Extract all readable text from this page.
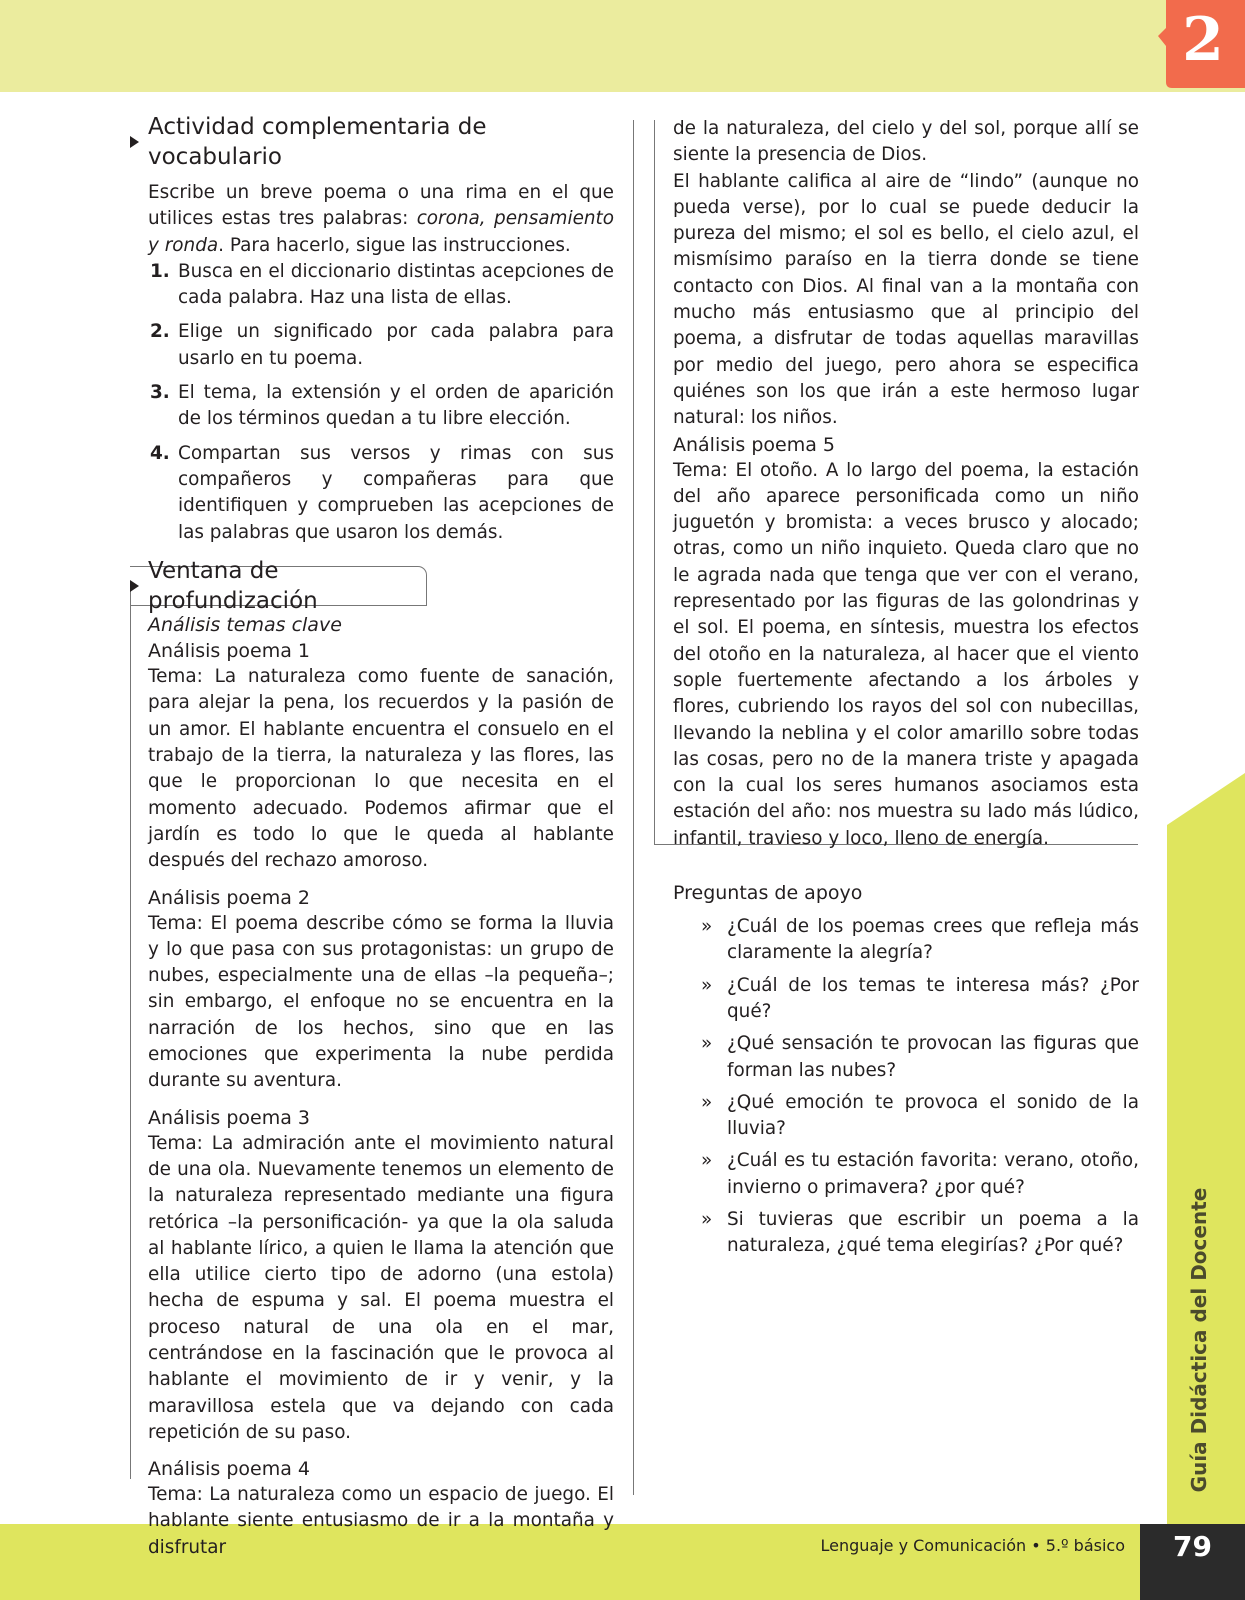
2
Guía Didáctica del Docente
79
Lenguaje y Comunicación • 5.º básico
Actividad complementaria de vocabulario

Escribe un breve poema o una rima en el que utilices estas tres palabras: corona, pensamiento y ronda. Para hacerlo, sigue las instrucciones.

1. Busca en el diccionario distintas acepciones de cada palabra. Haz una lista de ellas.
2. Elige un significado por cada palabra para usarlo en tu poema.
3. El tema, la extensión y el orden de aparición de los términos quedan a tu libre elección.
4. Compartan sus versos y rimas con sus compañeros y compañeras para que identifiquen y comprueben las acepciones de las palabras que usaron los demás.
Ventana de profundización

Análisis temas clave

Análisis poema 1

Tema: La naturaleza como fuente de sanación, para alejar la pena, los recuerdos y la pasión de un amor. El hablante encuentra el consuelo en el trabajo de la tierra, la naturaleza y las flores, las que le proporcionan lo que necesita en el momento adecuado. Podemos afirmar que el jardín es todo lo que le queda al hablante después del rechazo amoroso.

Análisis poema 2

Tema: El poema describe cómo se forma la lluvia y lo que pasa con sus protagonistas: un grupo de nubes, especialmente una de ellas –la pequeña–; sin embargo, el enfoque no se encuentra en la narración de los hechos, sino que en las emociones que experimenta la nube perdida durante su aventura.

Análisis poema 3

Tema: La admiración ante el movimiento natural de una ola. Nuevamente tenemos un elemento de la naturaleza representado mediante una figura retórica –la personificación- ya que la ola saluda al hablante lírico, a quien le llama la atención que ella utilice cierto tipo de adorno (una estola) hecha de espuma y sal. El poema muestra el proceso natural de una ola en el mar, centrándose en la fascinación que le provoca al hablante el movimiento de ir y venir, y la maravillosa estela que va dejando con cada repetición de su paso.

Análisis poema 4

Tema: La naturaleza como un espacio de juego. El hablante siente entusiasmo de ir a la montaña y disfrutar

de la naturaleza, del cielo y del sol, porque allí se siente la presencia de Dios.

El hablante califica al aire de “lindo” (aunque no pueda verse), por lo cual se puede deducir la pureza del mismo; el sol es bello, el cielo azul, el mismísimo paraíso en la tierra donde se tiene contacto con Dios. Al final van a la montaña con mucho más entusiasmo que al principio del poema, a disfrutar de todas aquellas maravillas por medio del juego, pero ahora se especifica quiénes son los que irán a este hermoso lugar natural: los niños.

Análisis poema 5

Tema: El otoño. A lo largo del poema, la estación del año aparece personificada como un niño juguetón y bromista: a veces brusco y alocado; otras, como un niño inquieto. Queda claro que no le agrada nada que tenga que ver con el verano, representado por las figuras de las golondrinas y el sol. El poema, en síntesis, muestra los efectos del otoño en la naturaleza, al hacer que el viento sople fuertemente afectando a los árboles y flores, cubriendo los rayos del sol con nubecillas, llevando la neblina y el color amarillo sobre todas las cosas, pero no de la manera triste y apagada con la cual los seres humanos asociamos esta estación del año: nos muestra su lado más lúdico, infantil, travieso y loco, lleno de energía.

Preguntas de apoyo

» ¿Cuál de los poemas crees que refleja más claramente la alegría?
» ¿Cuál de los temas te interesa más? ¿Por qué?
» ¿Qué sensación te provocan las figuras que forman las nubes?
» ¿Qué emoción te provoca el sonido de la lluvia?
» ¿Cuál es tu estación favorita: verano, otoño, invierno o primavera? ¿por qué?
» Si tuvieras que escribir un poema a la naturaleza, ¿qué tema elegirías? ¿Por qué?
